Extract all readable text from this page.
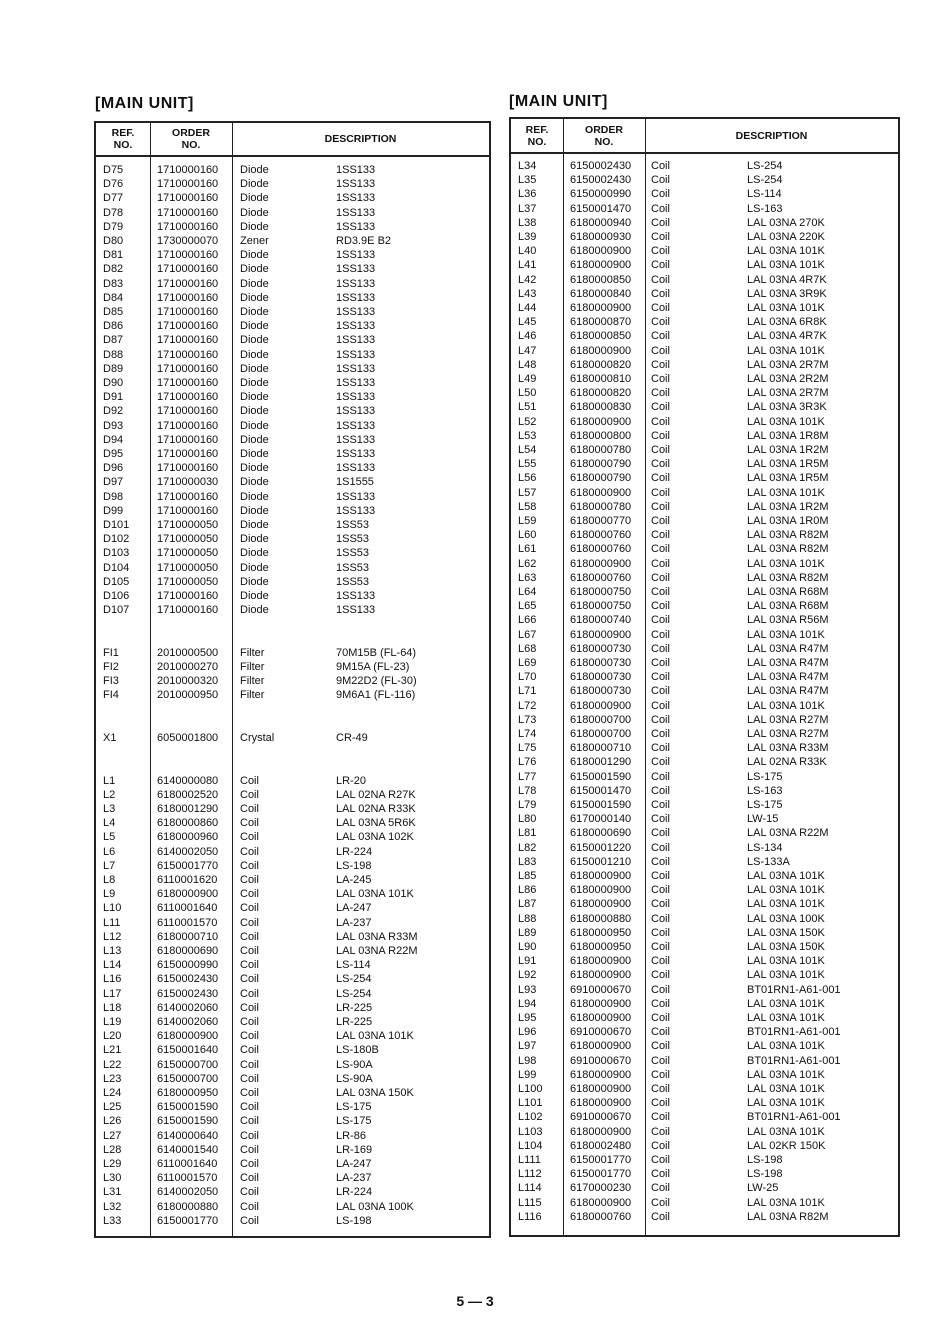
[MAIN UNIT]
REF.
NO.
ORDER
NO.	DESCRIPTION
D75	1710000160 Diode	1SS133
D76	1710000160 Diode	1SS133
D77	1710000160 Diode	1SS133
D78	1710000160 Diode	1SS133
D79	1710000160 Diode	1SS133
D80	1730000070 Zener	RD3.9E B2
D81	1710000160 Diode	1SS133
D82	1710000160 Diode	1SS133
D83	1710000160 Diode	1SS133
D84	1710000160 Diode	1SS133
D85	1710000160 Diode	1SS133
D86	1710000160 Diode	1SS133
D87	1710000160 Diode	1SS133
D88	1710000160 Diode	1SS133
D89	1710000160 Diode	1SS133
D90	1710000160 Diode	1SS133
D91	1710000160 Diode	1SS133
D92	1710000160 Diode	1SS133
D93	1710000160 Diode	1SS133
D94	1710000160 Diode	1SS133
D95	1710000160 Diode	1SS133
D96	1710000160 Diode	1SS133
D97	1710000030 Diode	1S1555
D98	1710000160 Diode	1SS133
D99	1710000160 Diode	1SS133
D101	1710000050 Diode	1SS53
D102	1710000050 Diode	1SS53
D103	1710000050 Diode	1SS53
D104	1710000050 Diode	1SS53
D105	1710000050 Diode	1SS53
D106	1710000160 Diode	1SS133
D107	1710000160 Diode	1SS133
FI1	2010000500 Filter	70M15B (FL-64)
FI2	2010000270 Filter	9M15A (FL-23)
FI3	2010000320 Filter	9M22D2 (FL-30)
FI4	2010000950 Filter	9M6A1 (FL-116)
X1	6050001800 Crystal	CR-49
L1	6140000080 Coil	LR-20
L2	6180002520 Coil	LAL 02NA R27K
L3	6180001290 Coil	LAL 02NA R33K
L4	6180000860 Coil	LAL 03NA 5R6K
L5	6180000960 Coil	LAL 03NA 102K
L6	6140002050 Coil	LR-224
L7	6150001770 Coil	LS-198
L8	6110001620 Coil	LA-245
L9	6180000900 Coil	LAL 03NA 101K
L10	6110001640 Coil	LA-247
L11	6110001570 Coil	LA-237
L12	6180000710 Coil	LAL 03NA R33M
L13	6180000690 Coil	LAL 03NA R22M
L14	6150000990 Coil	LS-114
L16	6150002430 Coil	LS-254
L17	6150002430 Coil	LS-254
L18	6140002060 Coil	LR-225
L19	6140002060 Coil	LR-225
L20	6180000900 Coil	LAL 03NA 101K
L21	6150001640 Coil	LS-180B
L22	6150000700 Coil	LS-90A
L23	6150000700 Coil	LS-90A
L24	6180000950 Coil	LAL 03NA 150K
L25	6150001590 Coil	LS-175
L26	6150001590 Coil	LS-175
L27	6140000640 Coil	LR-86
L28	6140001540 Coil	LR-169
L29	6110001640 Coil	LA-247
L30	6110001570 Coil	LA-237
L31	6140002050 Coil	LR-224
L32	6180000880 Coil	LAL 03NA 100K
L33	6150001770 Coil	LS-198
[MAIN UNIT]
REF.
NO.
ORDER
NO.	DESCRIPTION
L34	6150002430 Coil	LS-254
L35	6150002430 Coil	LS-254
L36	6150000990 Coil	LS-114
L37	6150001470 Coil	LS-163
L38	6180000940 Coil	LAL 03NA 270K
L39	6180000930 Coil	LAL 03NA 220K
L40	6180000900 Coil	LAL 03NA 101K
L41	6180000900 Coil	LAL 03NA 101K
L42	6180000850 Coil	LAL 03NA 4R7K
L43	6180000840 Coil	LAL 03NA 3R9K
L44	6180000900 Coil	LAL 03NA 101K
L45	6180000870 Coil	LAL 03NA 6R8K
L46	6180000850 Coil	LAL 03NA 4R7K
L47	6180000900 Coil	LAL 03NA 101K
L48	6180000820 Coil	LAL 03NA 2R7M
L49	6180000810 Coil	LAL 03NA 2R2M
L50	6180000820 Coil	LAL 03NA 2R7M
L51	6180000830 Coil	LAL 03NA 3R3K
L52	6180000900 Coil	LAL 03NA 101K
L53	6180000800 Coil	LAL 03NA 1R8M
L54	6180000780 Coil	LAL 03NA 1R2M
L55	6180000790 Coil	LAL 03NA 1R5M
L56	6180000790 Coil	LAL 03NA 1R5M
L57	6180000900 Coil	LAL 03NA 101K
L58	6180000780 Coil	LAL 03NA 1R2M
L59	6180000770 Coil	LAL 03NA 1R0M
L60	6180000760 Coil	LAL 03NA R82M
L61	6180000760 Coil	LAL 03NA R82M
L62	6180000900 Coil	LAL 03NA 101K
L63	6180000760 Coil	LAL 03NA R82M
L64	6180000750 Coil	LAL 03NA R68M
L65	6180000750 Coil	LAL 03NA R68M
L66	6180000740 Coil	LAL 03NA R56M
L67	6180000900 Coil	LAL 03NA 101K
L68	6180000730 Coil	LAL 03NA R47M
L69	6180000730 Coil	LAL 03NA R47M
L70	6180000730 Coil	LAL 03NA R47M
L71	6180000730 Coil	LAL 03NA R47M
L72	6180000900 Coil	LAL 03NA 101K
L73	6180000700 Coil	LAL 03NA R27M
L74	6180000700 Coil	LAL 03NA R27M
L75	6180000710 Coil	LAL 03NA R33M
L76	6180001290 Coil	LAL 02NA R33K
L77	6150001590 Coil	LS-175
L78	6150001470 Coil	LS-163
L79	6150001590 Coil	LS-175
L80	6170000140 Coil	LW-15
L81	6180000690 Coil	LAL 03NA R22M
L82	6150001220 Coil	LS-134
L83	6150001210 Coil	LS-133A
L85	6180000900 Coil	LAL 03NA 101K
L86	6180000900 Coil	LAL 03NA 101K
L87	6180000900 Coil	LAL 03NA 101K
L88	6180000880 Coil	LAL 03NA 100K
L89	6180000950 Coil	LAL 03NA 150K
L90	6180000950 Coil	LAL 03NA 150K
L91	6180000900 Coil	LAL 03NA 101K
L92	6180000900 Coil	LAL 03NA 101K
L93	6910000670 Coil	BT01RN1-A61-001
L94	6180000900 Coil	LAL 03NA 101K
L95	6180000900 Coil	LAL 03NA 101K
L96	6910000670 Coil	BT01RN1-A61-001
L97	6180000900 Coil	LAL 03NA 101K
L98	6910000670 Coil	BT01RN1-A61-001
L99	6180000900 Coil	LAL 03NA 101K
L100	6180000900 Coil	LAL 03NA 101K
L101	6180000900 Coil	LAL 03NA 101K
L102	6910000670 Coil	BT01RN1-A61-001
L103	6180000900 Coil	LAL 03NA 101K
L104	6180002480 Coil	LAL 02KR 150K
L111	6150001770 Coil	LS-198
L112	6150001770 Coil	LS-198
L114	6170000230 Coil	LW-25
L115	6180000900 Coil	LAL 03NA 101K
L116	6180000760 Coil	LAL 03NA R82M
5 — 3
